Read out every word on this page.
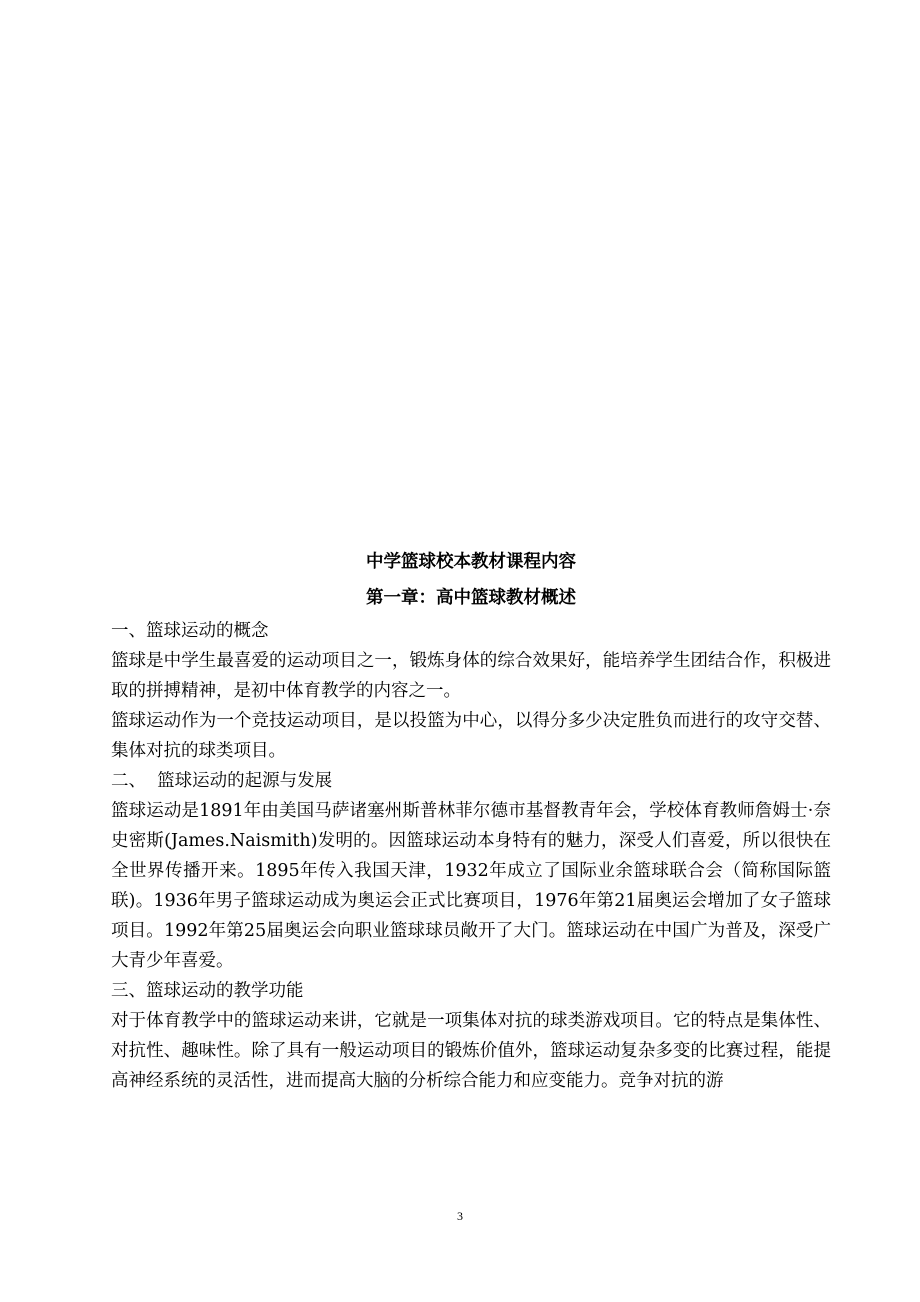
中学篮球校本教材课程内容
第一章：高中篮球教材概述

一、篮球运动的概念

篮球是中学生最喜爱的运动项目之一，锻炼身体的综合效果好，能培养学生团结合作，积极进取的拼搏精神，是初中体育教学的内容之一。

篮球运动作为一个竞技运动项目，是以投篮为中心，以得分多少决定胜负而进行的攻守交替、集体对抗的球类项目。

二、  篮球运动的起源与发展

篮球运动是1891年由美国马萨诸塞州斯普林菲尔德市基督教青年会，学校体育教师詹姆士·奈史密斯(James.Naismith)发明的。因篮球运动本身特有的魅力，深受人们喜爱，所以很快在全世界传播开来。1895年传入我国天津，1932年成立了国际业余篮球联合会（简称国际篮联)。1936年男子篮球运动成为奥运会正式比赛项目，1976年第21届奥运会增加了女子篮球项目。1992年第25届奥运会向职业篮球球员敞开了大门。篮球运动在中国广为普及，深受广大青少年喜爱。

三、篮球运动的教学功能

对于体育教学中的篮球运动来讲，它就是一项集体对抗的球类游戏项目。它的特点是集体性、对抗性、趣味性。除了具有一般运动项目的锻炼价值外，篮球运动复杂多变的比赛过程，能提高神经系统的灵活性，进而提高大脑的分析综合能力和应变能力。竞争对抗的游

3
